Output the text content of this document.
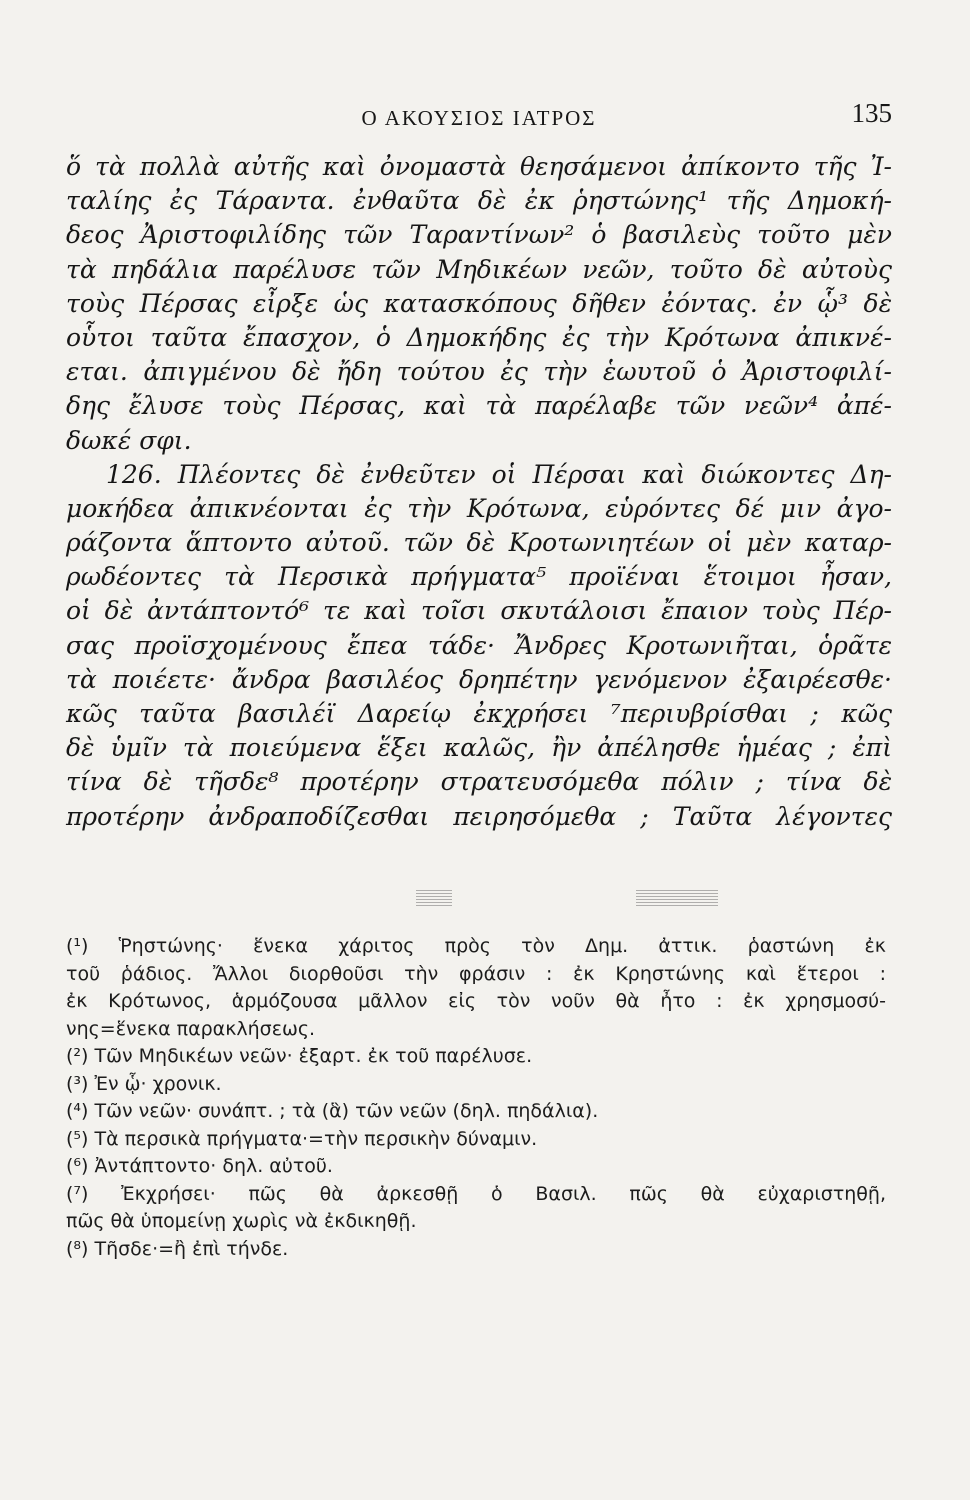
Ο ΑΚΟΥΣΙΟΣ ΙΑΤΡΟΣ	135
ὅ τὰ πολλὰ αὐτῆς καὶ ὀνομαστὰ θεησάμενοι ἀπίκοντο τῆς Ἰ-
ταλίης ἐς Τάραντα. ἐνθαῦτα δὲ ἐκ ῥηστώνης¹ τῆς Δημοκή-
δεος Ἀριστοφιλίδης τῶν Ταραντίνων² ὁ βασιλεὺς τοῦτο μὲν
τὰ πηδάλια παρέλυσε τῶν Μηδικέων νεῶν, τοῦτο δὲ αὐτοὺς
τοὺς Πέρσας εἶρξε ὡς κατασκόπους δῆθεν ἐόντας. ἐν ᾧ³ δὲ
οὗτοι ταῦτα ἔπασχον, ὁ Δημοκήδης ἐς τὴν Κρότωνα ἀπικνέ-
εται. ἀπιγμένου δὲ ἤδη τούτου ἐς τὴν ἑωυτοῦ ὁ Ἀριστοφιλί-
δης ἔλυσε τοὺς Πέρσας, καὶ τὰ παρέλαβε τῶν νεῶν⁴ ἀπέ-
δωκέ σφι.
126. Πλέοντες δὲ ἐνθεῦτεν οἱ Πέρσαι καὶ διώκοντες Δη-
μοκήδεα ἀπικνέονται ἐς τὴν Κρότωνα, εὑρόντες δέ μιν ἀγο-
ράζοντα ἅπτοντο αὐτοῦ. τῶν δὲ Κροτωνιητέων οἱ μὲν καταρ-
ρωδέοντες τὰ Περσικὰ πρήγματα⁵ προϊέναι ἕτοιμοι ἦσαν,
οἱ δὲ ἀντάπτοντό⁶ τε καὶ τοῖσι σκυτάλοισι ἔπαιον τοὺς Πέρ-
σας προϊσχομένους ἔπεα τάδε· Ἄνδρες Κροτωνιῆται, ὁρᾶτε
τὰ ποιέετε· ἄνδρα βασιλέος δρηπέτην γενόμενον ἐξαιρέεσθε·
κῶς ταῦτα βασιλέϊ Δαρείῳ ἐκχρήσει ⁷περιυβρίσθαι ; κῶς
δὲ ὑμῖν τὰ ποιεύμενα ἕξει καλῶς, ἢν ἀπέλησθε ἡμέας ; ἐπὶ
τίνα δὲ τῆσδε⁸ προτέρην στρατευσόμεθα πόλιν ; τίνα δὲ
προτέρην ἀνδραποδίζεσθαι πειρησόμεθα ; Ταῦτα λέγοντες
(¹) Ῥηστώνης· ἕνεκα χάριτος πρὸς τὸν Δημ. ἀττικ. ῥαστώνη ἐκ
τοῦ ῥάδιος. Ἄλλοι διορθοῦσι τὴν φράσιν : ἐκ Κρηστώνης καὶ ἕτεροι :
ἐκ Κρότωνος, ἁρμόζουσα μᾶλλον εἰς τὸν νοῦν θὰ ἦτο : ἐκ χρησμοσύ-
νης=ἕνεκα παρακλήσεως.
(²) Τῶν Μηδικέων νεῶν· ἐξαρτ. ἐκ τοῦ παρέλυσε.
(³) Ἐν ᾧ· χρονικ.
(⁴) Τῶν νεῶν· συνάπτ. ; τὰ (ἃ) τῶν νεῶν (δηλ. πηδάλια).
(⁵) Τὰ περσικὰ πρήγματα·=τὴν περσικὴν δύναμιν.
(⁶) Ἀντάπτοντο· δηλ. αὐτοῦ.
(⁷) Ἐκχρήσει· πῶς θὰ ἀρκεσθῇ ὁ Βασιλ. πῶς θὰ εὐχαριστηθῇ,
πῶς θὰ ὑπομείνῃ χωρὶς νὰ ἐκδικηθῇ.
(⁸) Τῆσδε·=ἢ ἐπὶ τήνδε.
